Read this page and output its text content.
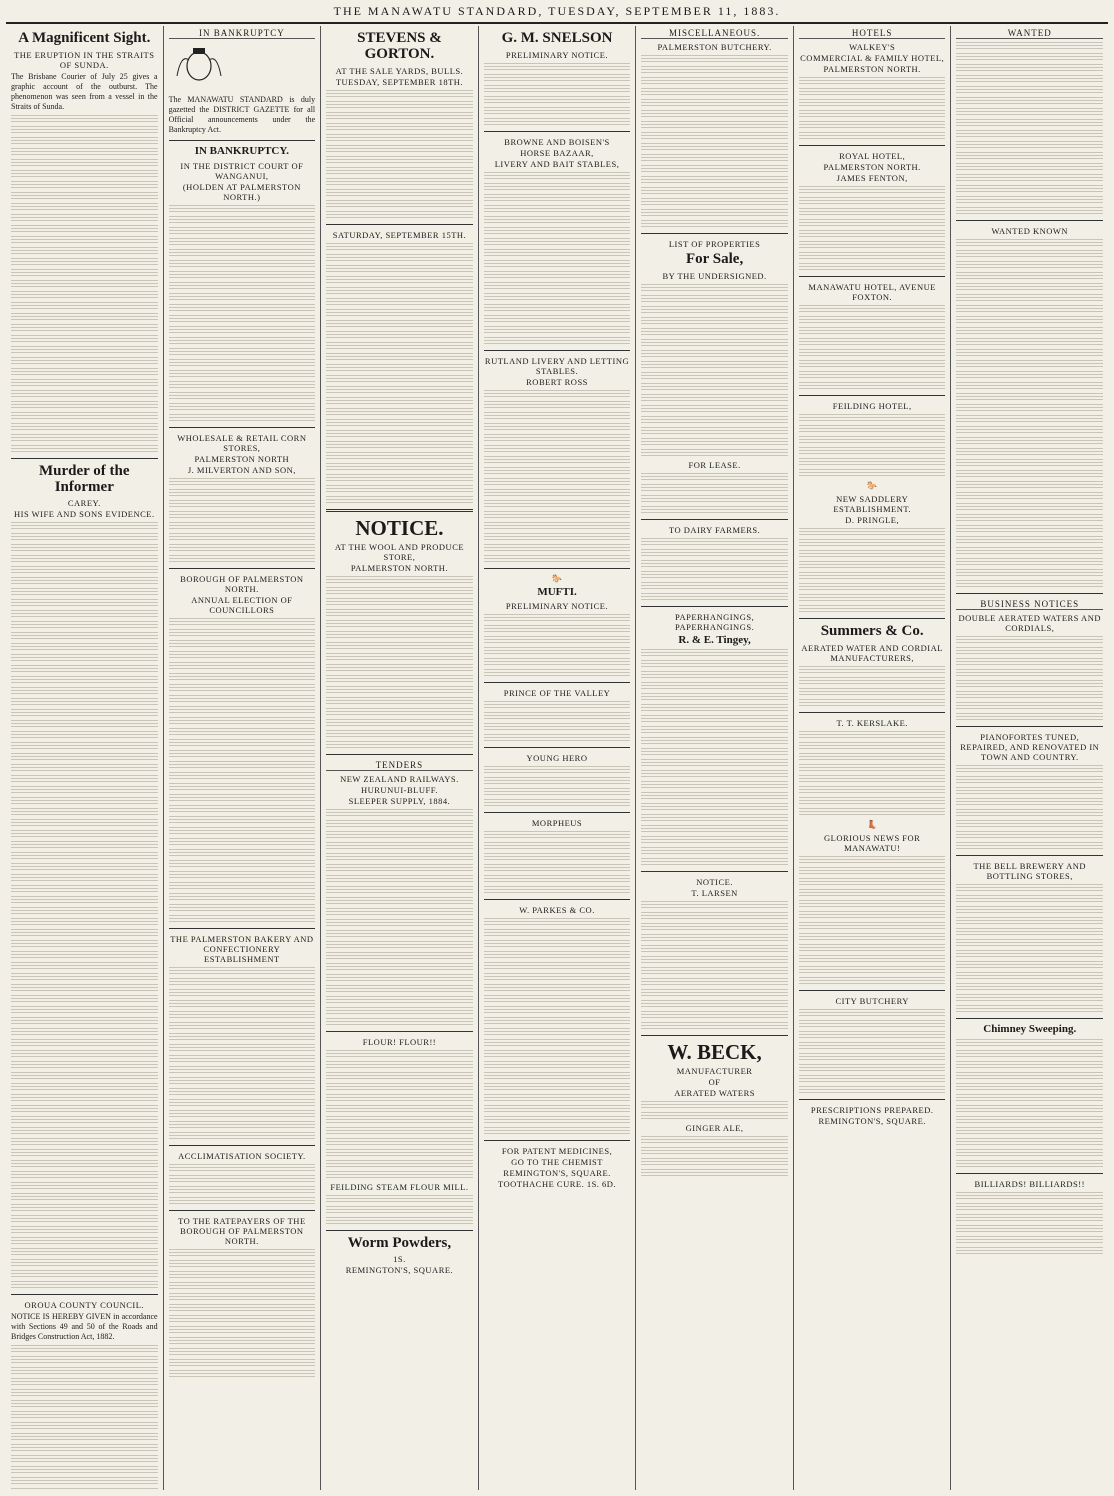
THE MANAWATU STANDARD, TUESDAY, SEPTEMBER 11, 1883.
A Magnificent Sight.
THE ERUPTION IN THE STRAITS OF SUNDA.

The Brisbane Courier of July 25 gives a graphic account of the outburst. The phenomenon was seen from a vessel in the Straits of Sunda.

Murder of the Informer
CAREY.
HIS WIFE AND SONS EVIDENCE.
OROUA COUNTY COUNCIL.

NOTICE IS HEREBY GIVEN in accordance with Sections 49 and 50 of the Roads and Bridges Construction Act, 1882.

IN BANKRUPTCY

The MANAWATU STANDARD is duly gazetted the DISTRICT GAZETTE for all Official announcements under the Bankruptcy Act.

IN BANKRUPTCY.
IN THE DISTRICT COURT OF WANGANUI,
(HOLDEN AT PALMERSTON NORTH.)
WHOLESALE & RETAIL CORN STORES,
PALMERSTON NORTH
J. MILVERTON AND SON,
BOROUGH OF PALMERSTON NORTH.
ANNUAL ELECTION OF COUNCILLORS
THE PALMERSTON BAKERY AND CONFECTIONERY ESTABLISHMENT
ACCLIMATISATION SOCIETY.
TO THE RATEPAYERS OF THE BOROUGH OF PALMERSTON NORTH.
STEVENS & GORTON.
AT THE SALE YARDS, BULLS.
TUESDAY, SEPTEMBER 18TH.
SATURDAY, SEPTEMBER 15TH.
NOTICE.
AT THE WOOL AND PRODUCE STORE,
PALMERSTON NORTH.
TENDERS
NEW ZEALAND RAILWAYS.
HURUNUI-BLUFF.
SLEEPER SUPPLY, 1884.
FLOUR! FLOUR!!
FEILDING STEAM FLOUR MILL.
Worm Powders,
1S.
REMINGTON'S, SQUARE.
G. M. SNELSON
PRELIMINARY NOTICE.
BROWNE AND BOISEN'S
HORSE BAZAAR,
LIVERY AND BAIT STABLES,
RUTLAND LIVERY AND LETTING STABLES.
ROBERT ROSS
🐎
MUFTI.
PRELIMINARY NOTICE.
PRINCE OF THE VALLEY
YOUNG HERO
MORPHEUS
W. PARKES & CO.
FOR PATENT MEDICINES,
GO TO THE CHEMIST
REMINGTON'S, SQUARE.
TOOTHACHE CURE. 1S. 6D.
MISCELLANEOUS.
PALMERSTON BUTCHERY.
LIST OF PROPERTIES
For Sale,
BY THE UNDERSIGNED.
FOR LEASE.
TO DAIRY FARMERS.
PAPERHANGINGS, PAPERHANGINGS.
R. & E. Tingey,
NOTICE.
T. LARSEN
W. BECK,
MANUFACTURER
OF
AERATED WATERS
GINGER ALE,
HOTELS
WALKEY'S
COMMERCIAL & FAMILY HOTEL,
PALMERSTON NORTH.
ROYAL HOTEL,
PALMERSTON NORTH.
JAMES FENTON,
MANAWATU HOTEL, AVENUE FOXTON.
FEILDING HOTEL,
🐎
NEW SADDLERY ESTABLISHMENT.
D. PRINGLE,
Summers & Co.
AERATED WATER AND CORDIAL MANUFACTURERS,
T. T. KERSLAKE.
👢
GLORIOUS NEWS FOR MANAWATU!
CITY BUTCHERY
PRESCRIPTIONS PREPARED.
REMINGTON'S, SQUARE.
WANTED
WANTED KNOWN
BUSINESS NOTICES
DOUBLE AERATED WATERS AND CORDIALS,
PIANOFORTES TUNED, REPAIRED, AND RENOVATED IN TOWN AND COUNTRY.
THE BELL BREWERY AND BOTTLING STORES,
Chimney Sweeping.
BILLIARDS! BILLIARDS!!
